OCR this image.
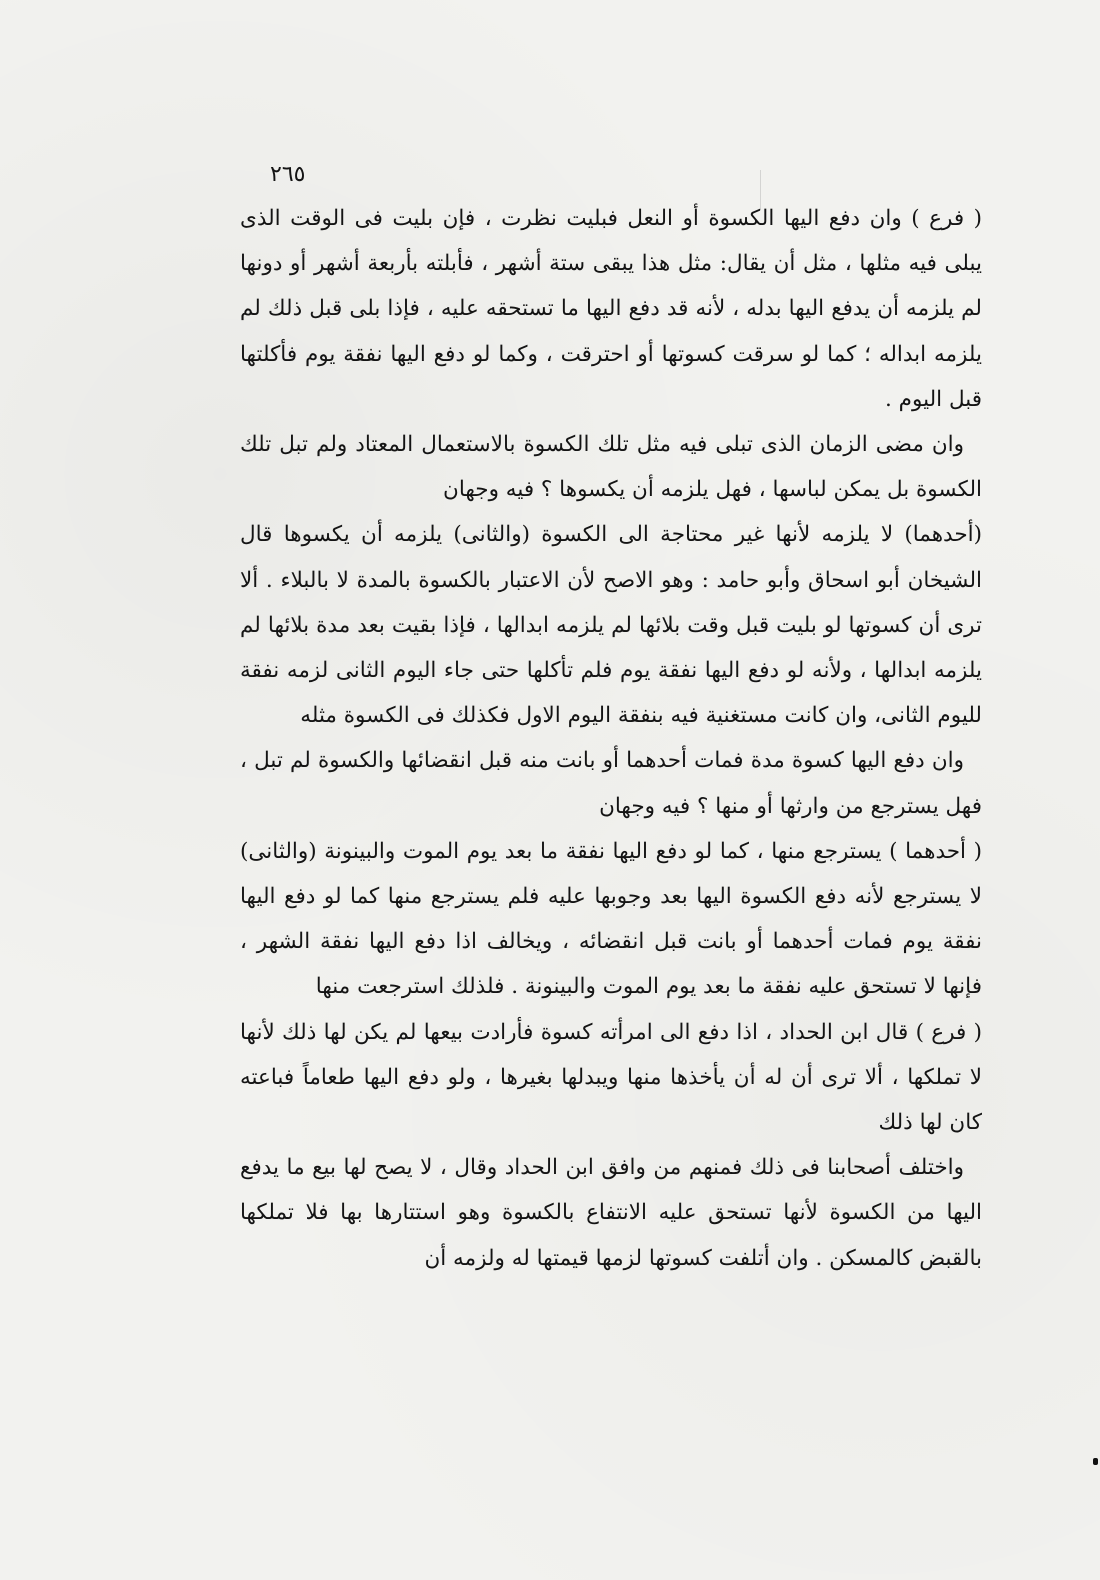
٢٦٥

( فرع ) وان دفع اليها الكسوة أو النعل فبليت نظرت ، فإن بليت فى الوقت الذى يبلى فيه مثلها ، مثل أن يقال: مثل هذا يبقى ستة أشهر ، فأبلته بأربعة أشهر أو دونها لم يلزمه أن يدفع اليها بدله ، لأنه قد دفع اليها ما تستحقه عليه ، فإذا بلى قبل ذلك لم يلزمه ابداله ؛ كما لو سرقت كسوتها أو احترقت ، وكما لو دفع اليها نفقة يوم فأكلتها قبل اليوم .

وان مضى الزمان الذى تبلى فيه مثل تلك الكسوة بالاستعمال المعتاد ولم تبل تلك الكسوة بل يمكن لباسها ، فهل يلزمه أن يكسوها ؟ فيه وجهان

(أحدهما) لا يلزمه لأنها غير محتاجة الى الكسوة (والثانى) يلزمه أن يكسوها قال الشيخان أبو اسحاق وأبو حامد : وهو الاصح لأن الاعتبار بالكسوة بالمدة لا بالبلاء . ألا ترى أن كسوتها لو بليت قبل وقت بلائها لم يلزمه ابدالها ، فإذا بقيت بعد مدة بلائها لم يلزمه ابدالها ، ولأنه لو دفع اليها نفقة يوم فلم تأكلها حتى جاء اليوم الثانى لزمه نفقة لليوم الثانى، وان كانت مستغنية فيه بنفقة اليوم الاول فكذلك فى الكسوة مثله

وان دفع اليها كسوة مدة فمات أحدهما أو بانت منه قبل انقضائها والكسوة لم تبل ، فهل يسترجع من وارثها أو منها ؟ فيه وجهان

( أحدهما ) يسترجع منها ، كما لو دفع اليها نفقة ما بعد يوم الموت والبينونة (والثانى) لا يسترجع لأنه دفع الكسوة اليها بعد وجوبها عليه فلم يسترجع منها كما لو دفع اليها نفقة يوم فمات أحدهما أو بانت قبل انقضائه ، ويخالف اذا دفع اليها نفقة الشهر ، فإنها لا تستحق عليه نفقة ما بعد يوم الموت والبينونة . فلذلك استرجعت منها

( فرع ) قال ابن الحداد ، اذا دفع الى امرأته كسوة فأرادت بيعها لم يكن لها ذلك لأنها لا تملكها ، ألا ترى أن له أن يأخذها منها ويبدلها بغيرها ، ولو دفع اليها طعاماً فباعته كان لها ذلك

واختلف أصحابنا فى ذلك فمنهم من وافق ابن الحداد وقال ، لا يصح لها بيع ما يدفع اليها من الكسوة لأنها تستحق عليه الانتفاع بالكسوة وهو استتارها بها فلا تملكها بالقبض كالمسكن . وان أتلفت كسوتها لزمها قيمتها له ولزمه أن
